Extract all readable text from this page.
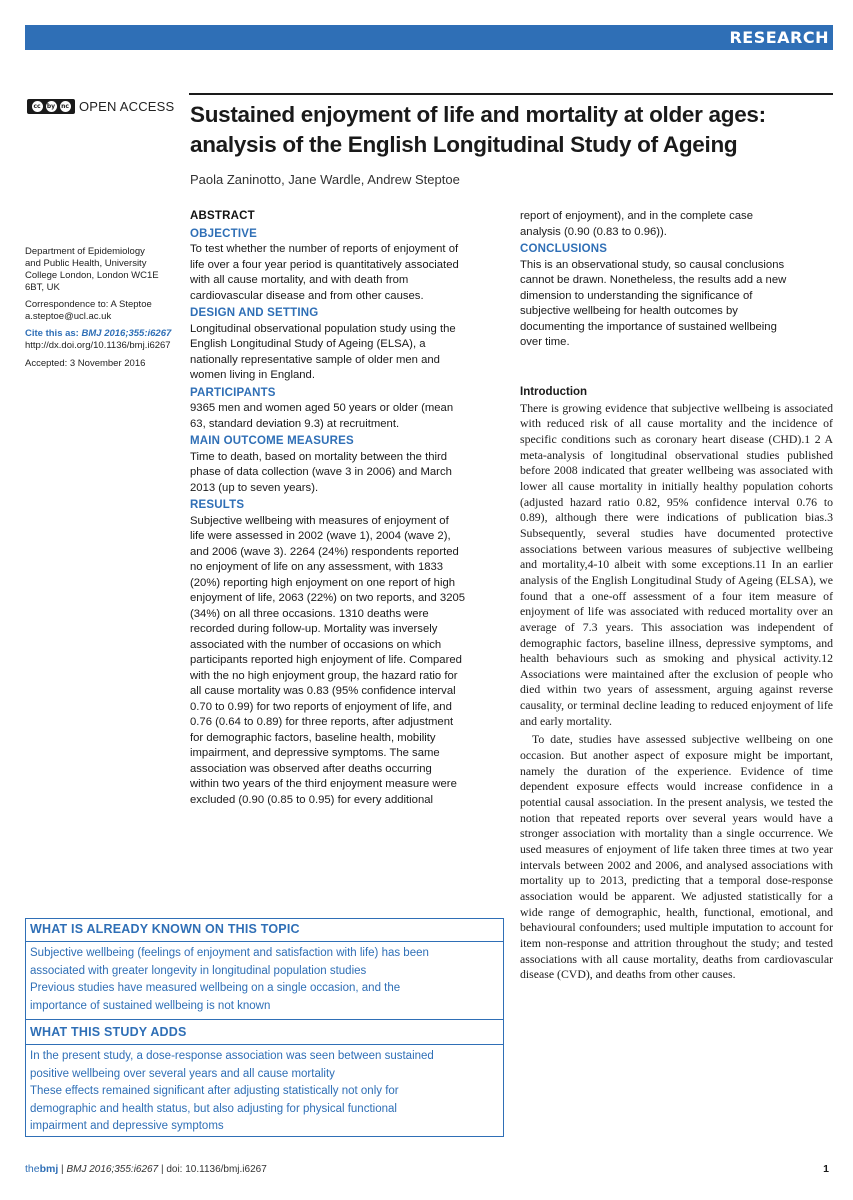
RESEARCH
cc	by nc OPEN ACCESS Sustained enjoyment of life and mortality at older ages:
analysis of the English Longitudinal Study of Ageing
Paola Zaninotto, Jane Wardle, Andrew Steptoe

Department of Epidemiology
and Public Health, University
College London, London WC1E
6BT, UK

Correspondence to: A Steptoe
a.steptoe@ucl.ac.uk

Cite this as: BMJ 2016;355:i6267
http://dx.doi.org/10.1136/bmj.i6267

Accepted: 3 November 2016

ABSTRACT
OBJECTIVE
To test whether the number of reports of enjoyment of
life over a four year period is quantitatively associated
with all cause mortality, and with death from
cardiovascular disease and from other causes.
DESIGN AND SETTING
Longitudinal observational population study using the
English Longitudinal Study of Ageing (ELSA), a
nationally representative sample of older men and
women living in England.
PARTICIPANTS
9365 men and women aged 50 years or older (mean
63, standard deviation 9.3) at recruitment.
MAIN OUTCOME MEASURES
Time to death, based on mortality between the third
phase of data collection (wave 3 in 2006) and March
2013 (up to seven years).
RESULTS
Subjective wellbeing with measures of enjoyment of
life were assessed in 2002 (wave 1), 2004 (wave 2),
and 2006 (wave 3). 2264 (24%) respondents reported
no enjoyment of life on any assessment, with 1833
(20%) reporting high enjoyment on one report of high
enjoyment of life, 2063 (22%) on two reports, and 3205
(34%) on all three occasions. 1310 deaths were
recorded during follow-up. Mortality was inversely
associated with the number of occasions on which
participants reported high enjoyment of life. Compared
with the no high enjoyment group, the hazard ratio for
all cause mortality was 0.83 (95% confidence interval
0.70 to 0.99) for two reports of enjoyment of life, and
0.76 (0.64 to 0.89) for three reports, after adjustment
for demographic factors, baseline health, mobility
impairment, and depressive symptoms. The same
association was observed after deaths occurring
within two years of the third enjoyment measure were
excluded (0.90 (0.85 to 0.95) for every additional
report of enjoyment), and in the complete case
analysis (0.90 (0.83 to 0.96)).
CONCLUSIONS
This is an observational study, so causal conclusions
cannot be drawn. Nonetheless, the results add a new
dimension to understanding the significance of
subjective wellbeing for health outcomes by
documenting the importance of sustained wellbeing
over time.
Introduction

There is growing evidence that subjective wellbeing is associated with reduced risk of all cause mortality and the incidence of specific conditions such as coronary heart disease (CHD).1 2 A meta-analysis of longitudinal observational studies published before 2008 indicated that greater wellbeing was associated with lower all cause mortality in initially healthy population cohorts (adjusted hazard ratio 0.82, 95% confidence interval 0.76 to 0.89), although there were indications of publication bias.3 Subsequently, several studies have documented protective associations between various measures of subjective wellbeing and mortality,4-10 albeit with some exceptions.11 In an earlier analysis of the English Longitudinal Study of Ageing (ELSA), we found that a one-off assessment of a four item measure of enjoyment of life was associated with reduced mortality over an average of 7.3 years. This association was independent of demographic factors, baseline illness, depressive symptoms, and health behaviours such as smoking and physical activity.12 Associations were maintained after the exclusion of people who died within two years of assessment, arguing against reverse causality, or terminal decline leading to reduced enjoyment of life and early mortality.

To date, studies have assessed subjective wellbeing on one occasion. But another aspect of exposure might be important, namely the duration of the experience. Evidence of time dependent exposure effects would increase confidence in a potential causal association. In the present analysis, we tested the notion that repeated reports over several years would have a stronger association with mortality than a single occurrence. We used measures of enjoyment of life taken three times at two year intervals between 2002 and 2006, and analysed associations with mortality up to 2013, predicting that a temporal dose-response association would be apparent. We adjusted statistically for a wide range of demographic, health, functional, emotional, and behavioural confounders; used multiple imputation to account for item non-response and attrition throughout the study; and tested associations with all cause mortality, deaths from cardiovascular disease (CVD), and deaths from other causes.

WHAT IS ALREADY KNOWN ON THIS TOPIC
Subjective wellbeing (feelings of enjoyment and satisfaction with life) has been
associated with greater longevity in longitudinal population studies
Previous studies have measured wellbeing on a single occasion, and the
importance of sustained wellbeing is not known
WHAT THIS STUDY ADDS
In the present study, a dose-response association was seen between sustained
positive wellbeing over several years and all cause mortality
These effects remained significant after adjusting statistically not only for
demographic and health status, but also adjusting for physical functional
impairment and depressive symptoms
thebmj | BMJ 2016;355:i6267 | doi: 10.1136/bmj.i6267	1
